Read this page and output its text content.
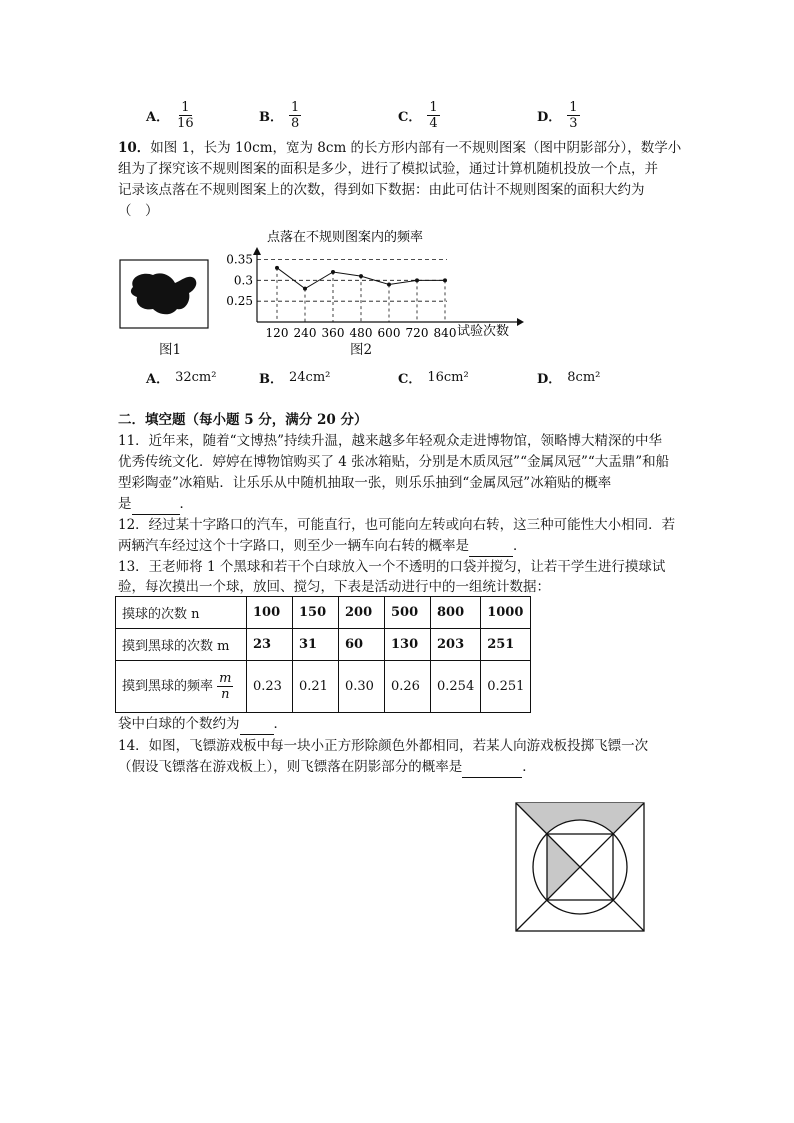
A． $\frac{1}{16}$	B． $\frac{1}{8}$	C． $\frac{1}{4}$	D． $\frac{1}{3}$
10．如图 1，长为 10cm，宽为 8cm 的长方形内部有一不规则图案（图中阴影部分），数学小
组为了探究该不规则图案的面积是多少，进行了模拟试验，通过计算机随机投放一个点，并
记录该点落在不规则图案上的次数，得到如下数据：由此可估计不规则图案的面积大约为
（　）
图1
点落在不规则图案内的频率
0.35
0.3
0.25
120 240 360 480 600 720 840 试验次数
图2
A． 32cm²	B． 24cm²	C． 16cm²	D． 8cm²
二．填空题（每小题 5 分，满分 20 分）
11．近年来，随着“文博热”持续升温，越来越多年轻观众走进博物馆，领略博大精深的中华
优秀传统文化．婷婷在博物馆购买了 4 张冰箱贴，分别是木质凤冠”“金属凤冠”“大盂鼎”和船
型彩陶壶”冰箱贴．让乐乐从中随机抽取一张，则乐乐抽到“金属凤冠”冰箱贴的概率
是	．
12．经过某十字路口的汽车，可能直行，也可能向左转或向右转，这三种可能性大小相同．若
两辆汽车经过这个十字路口，则至少一辆车向右转的概率是	．
13．王老师将 1 个黑球和若干个白球放入一个不透明的口袋并搅匀，让若干学生进行摸球试
验，每次摸出一个球，放回、搅匀，下表是活动进行中的一组统计数据：
摸球的次数 n	100	150	200	500	800	1000
摸到黑球的次数 m	23	31	60	130	203	251
摸到黑球的频率 $\frac{m}{n}$	0.23	0.21	0.30	0.26	0.254	0.251
袋中白球的个数约为	．
14．如图，飞镖游戏板中每一块小正方形除颜色外都相同，若某人向游戏板投掷飞镖一次
（假设飞镖落在游戏板上），则飞镖落在阴影部分的概率是	．
